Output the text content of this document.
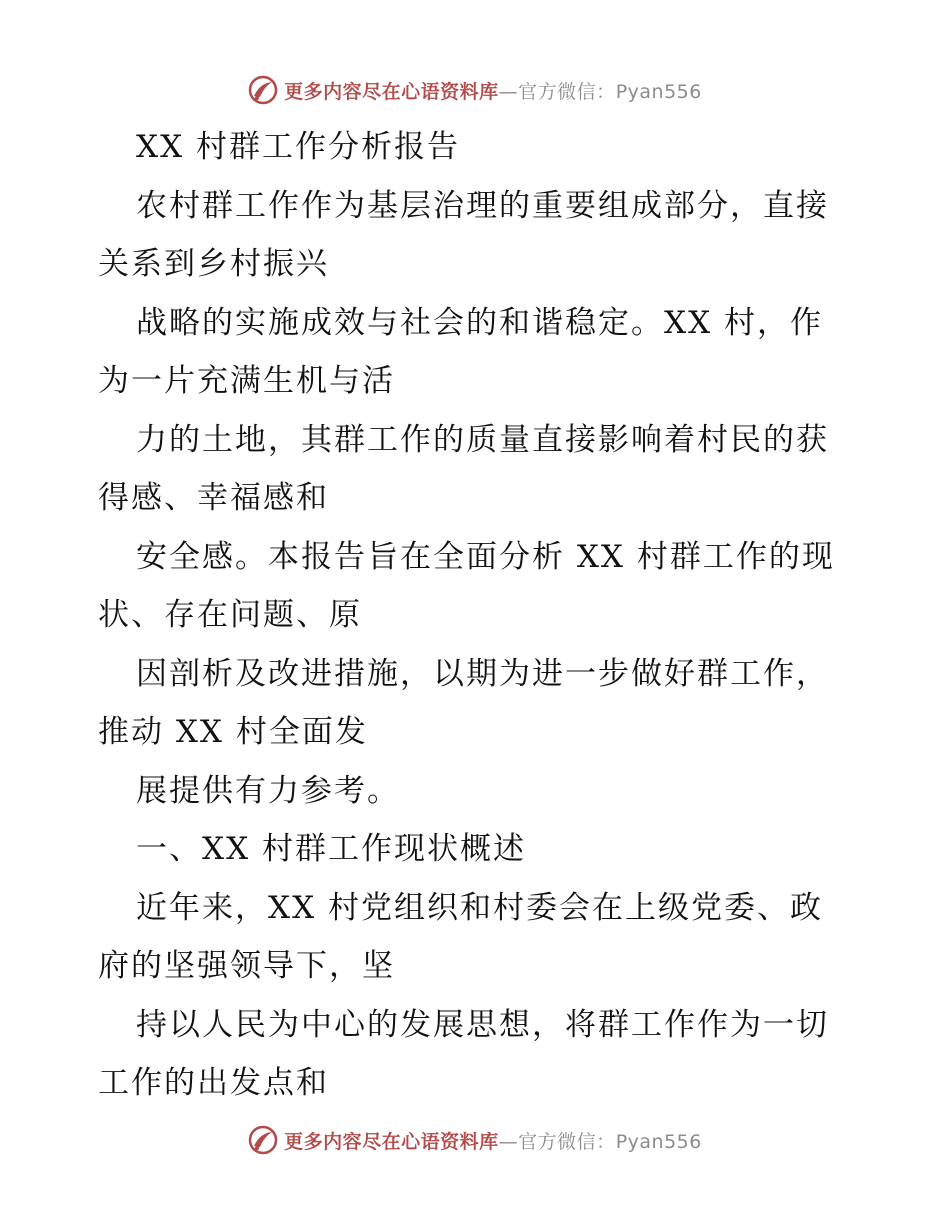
更多内容尽在心语资料库—官方微信：Pyan556

XX 村群工作分析报告

农村群工作作为基层治理的重要组成部分，直接

关系到乡村振兴

战略的实施成效与社会的和谐稳定。XX 村，作

为一片充满生机与活

力的土地，其群工作的质量直接影响着村民的获

得感、幸福感和

安全感。本报告旨在全面分析 XX 村群工作的现

状、存在问题、原

因剖析及改进措施，以期为进一步做好群工作，

推动 XX 村全面发

展提供有力参考。

一、XX 村群工作现状概述

近年来，XX 村党组织和村委会在上级党委、政

府的坚强领导下，坚

持以人民为中心的发展思想，将群工作作为一切

工作的出发点和

更多内容尽在心语资料库—官方微信：Pyan556
